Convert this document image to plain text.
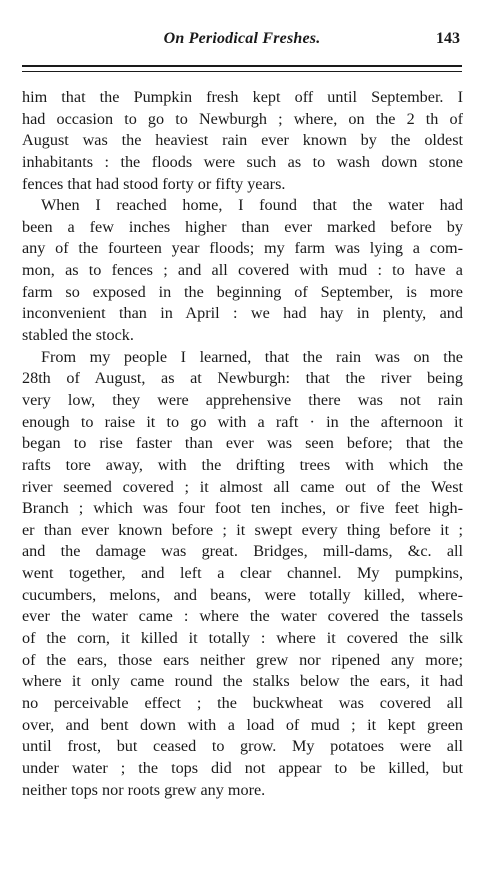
On Periodical Freshes.	143
him that the Pumpkin fresh kept off until September. I
had occasion to go to Newburgh ; where, on the 2 th of
August was the heaviest rain ever known by the oldest
inhabitants : the floods were such as to wash down stone
fences that had stood forty or fifty years.
When I reached home, I found that the water had
been a few inches higher than ever marked before by
any of the fourteen year floods; my farm was lying a com-
mon, as to fences ; and all covered with mud : to have a
farm so exposed in the beginning of September, is more
inconvenient than in April : we had hay in plenty, and
stabled the stock.
From my people I learned, that the rain was on the
28th of August, as at Newburgh: that the river being
very low, they were apprehensive there was not rain
enough to raise it to go with a raft · in the afternoon it
began to rise faster than ever was seen before; that the
rafts tore away, with the drifting trees with which the
river seemed covered ; it almost all came out of the West
Branch ; which was four foot ten inches, or five feet high-
er than ever known before ; it swept every thing before it ;
and the damage was great. Bridges, mill-dams, &c. all
went together, and left a clear channel. My pumpkins,
cucumbers, melons, and beans, were totally killed, where-
ever the water came : where the water covered the tassels
of the corn, it killed it totally : where it covered the silk
of the ears, those ears neither grew nor ripened any more;
where it only came round the stalks below the ears, it had
no perceivable effect ; the buckwheat was covered all
over, and bent down with a load of mud ; it kept green
until frost, but ceased to grow. My potatoes were all
under water ; the tops did not appear to be killed, but
neither tops nor roots grew any more.
